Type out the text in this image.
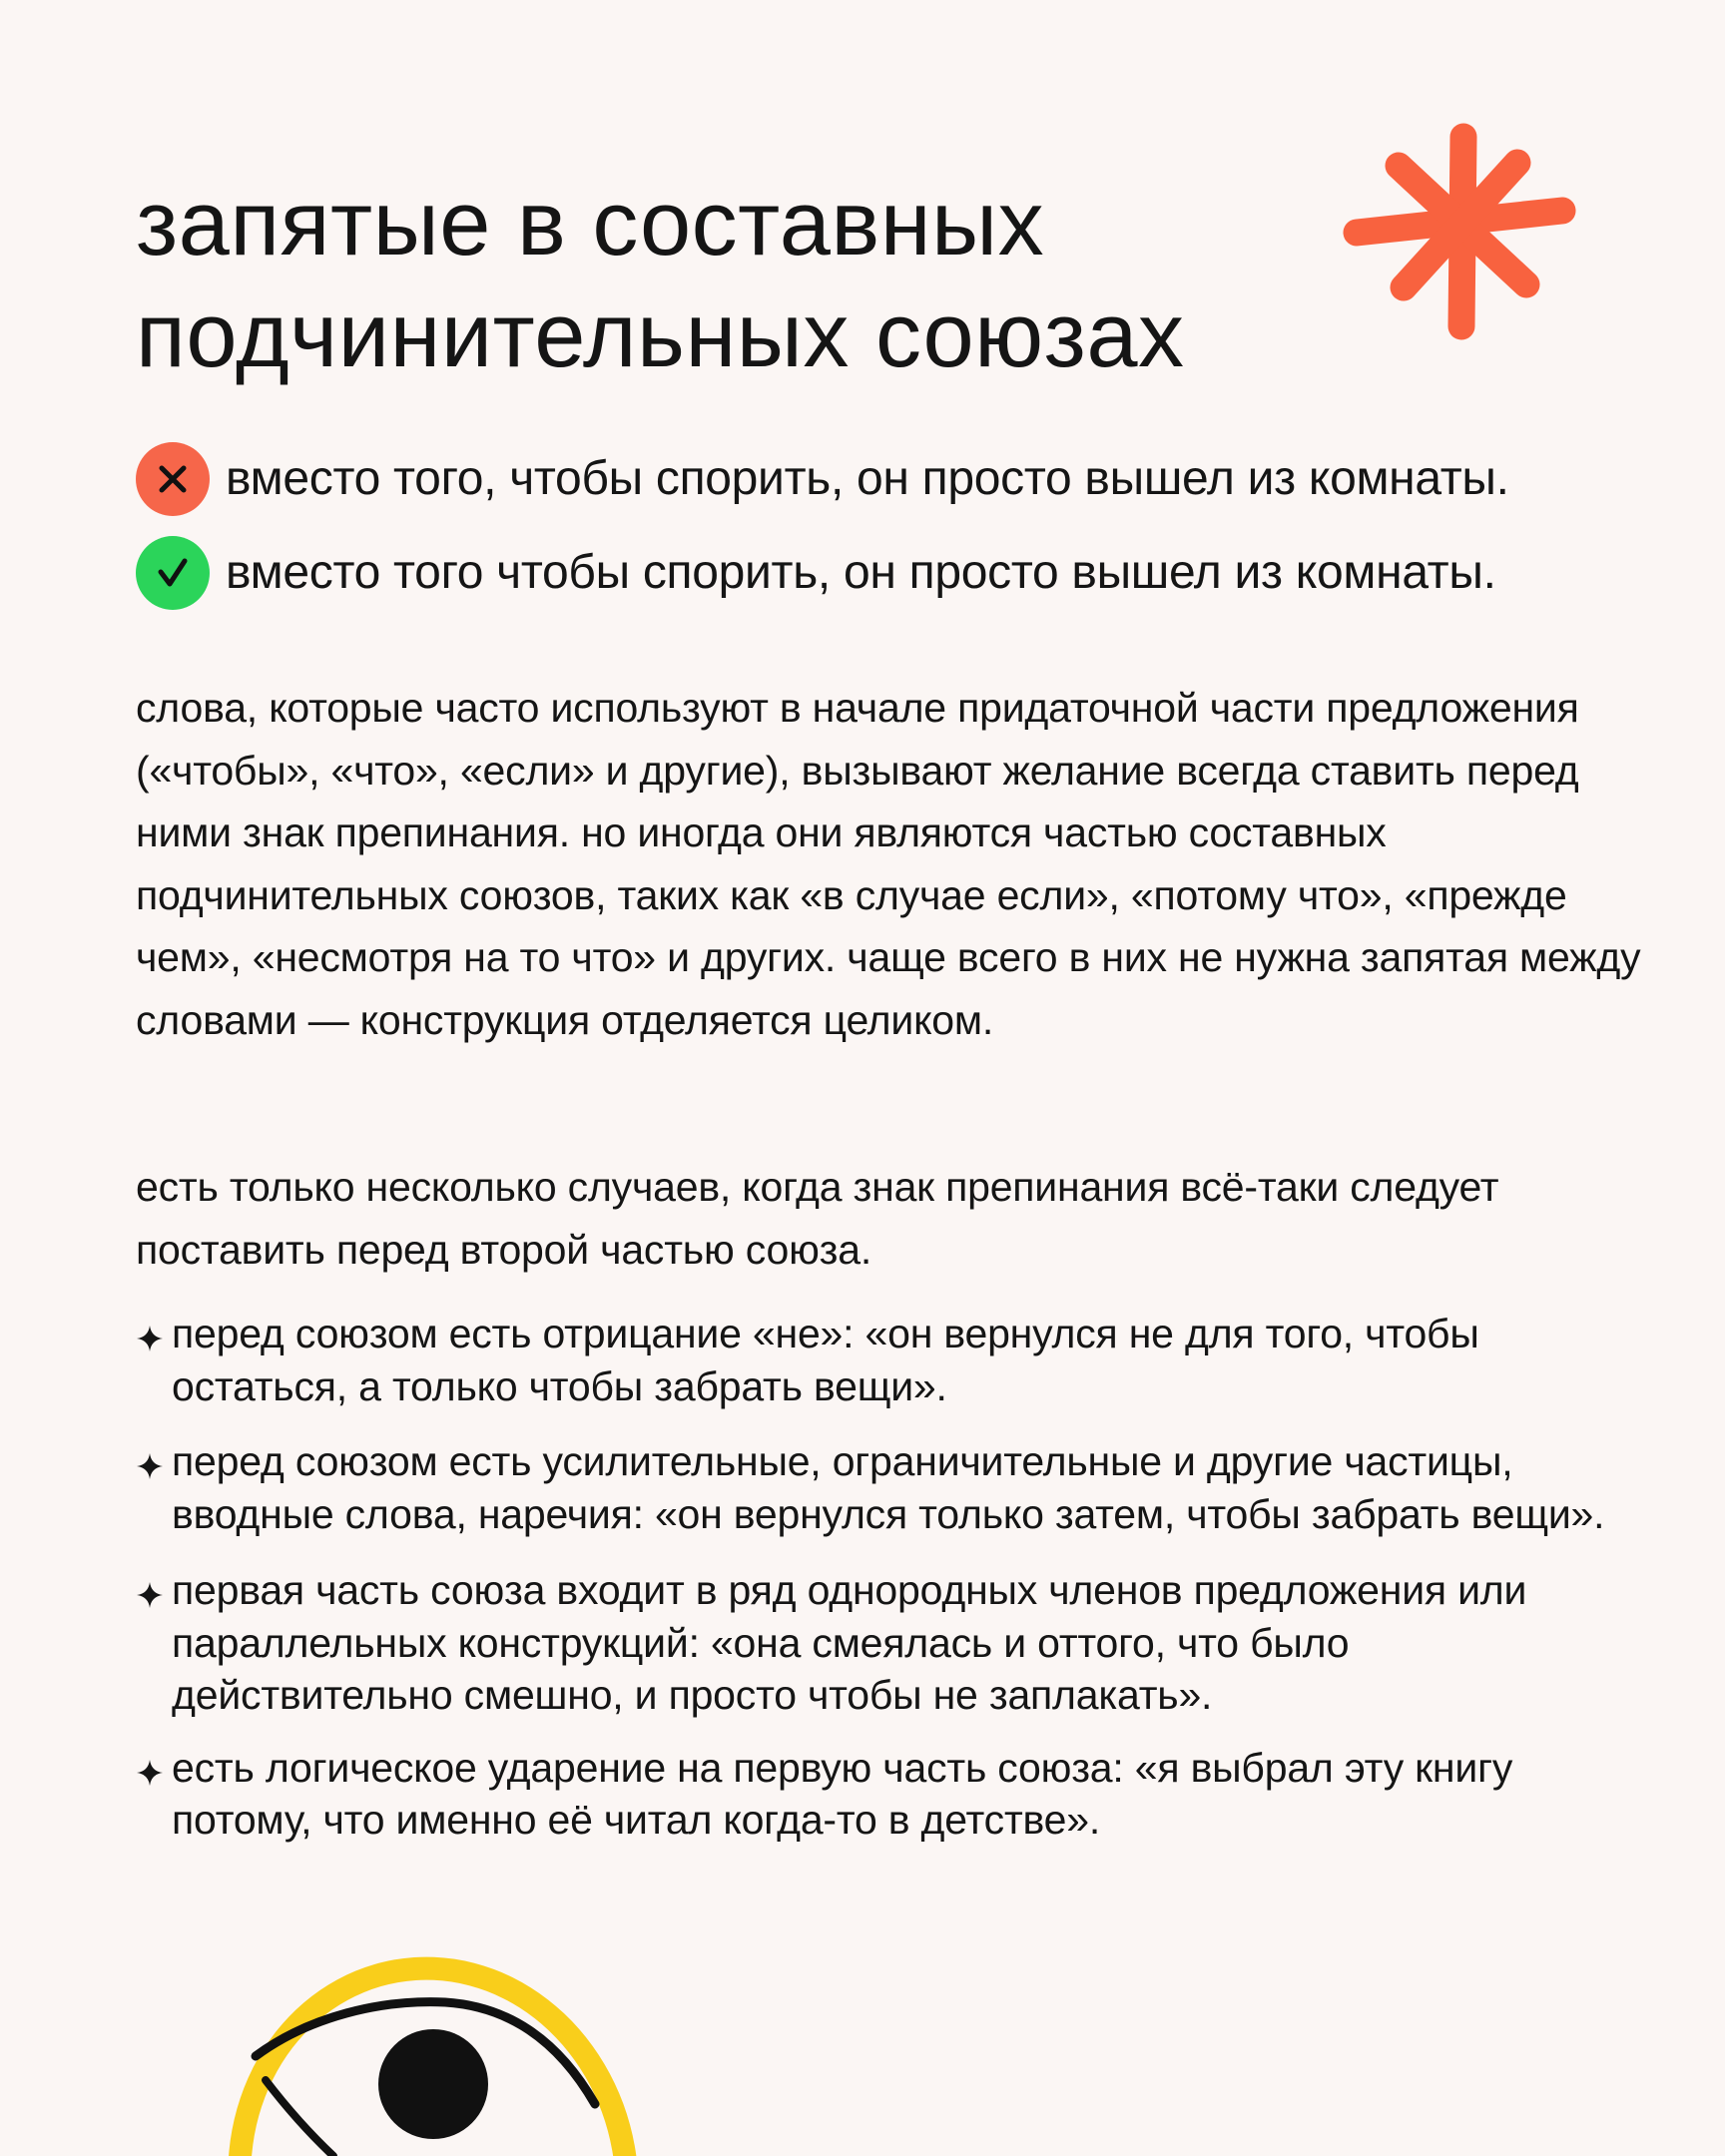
запятые в составных подчинительных союзах
вместо того, чтобы спорить, он просто вышел из комнаты.
вместо того чтобы спорить, он просто вышел из комнаты.

слова, которые часто используют в начале придаточной части предложения («чтобы», «что», «если» и другие), вызывают желание всегда ставить перед ними знак препинания. но иногда они являются частью составных подчинительных союзов, таких как «в случае если», «потому что», «прежде чем», «несмотря на то что» и других. чаще всего в них не нужна запятая между словами — конструкция отделяется целиком.

есть только несколько случаев, когда знак препинания всё-таки следует поставить перед второй частью союза.

перед союзом есть отрицание «не»: «он вернулся не для того, чтобы остаться, а только чтобы забрать вещи».
перед союзом есть усилительные, ограничительные и другие частицы, вводные слова, наречия: «он вернулся только затем, чтобы забрать вещи».
первая часть союза входит в ряд однородных членов предложения или параллельных конструкций: «она смеялась и оттого, что было действительно смешно, и просто чтобы не заплакать».
есть логическое ударение на первую часть союза: «я выбрал эту книгу потому, что именно её читал когда-то в детстве».
